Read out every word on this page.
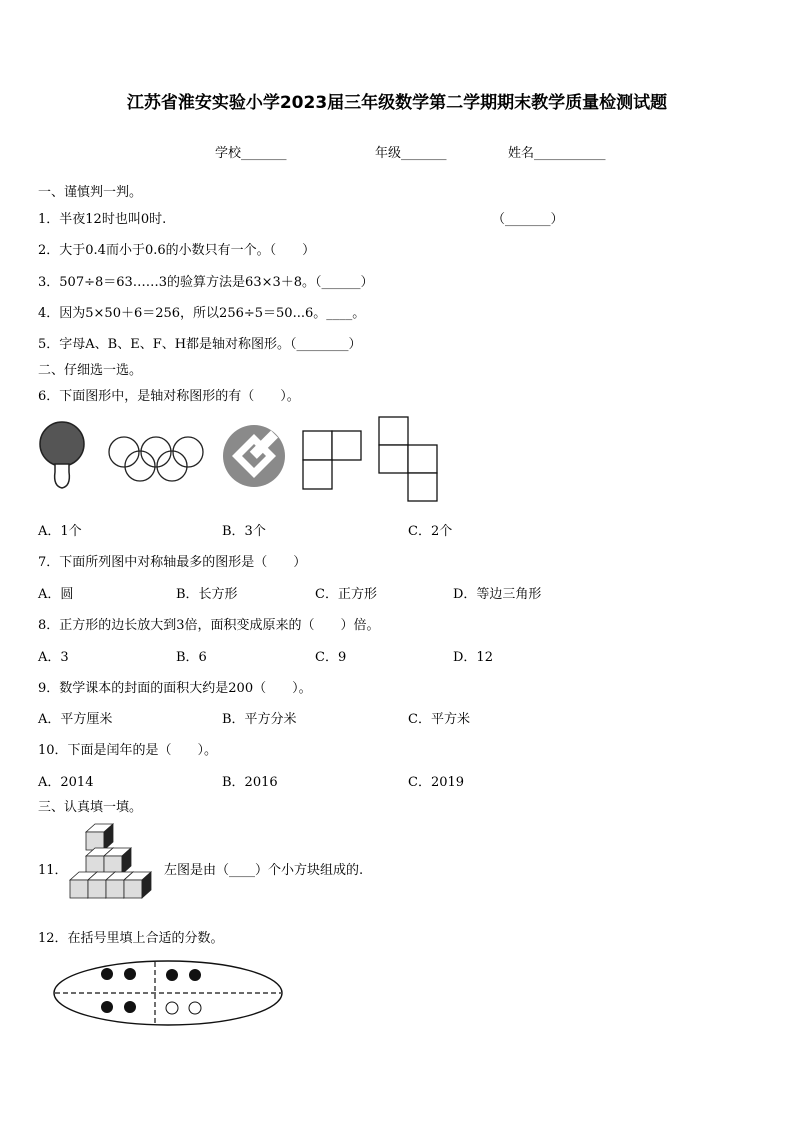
江苏省淮安实验小学2023届三年级数学第二学期期末教学质量检测试题
学校_______	年级_______	姓名___________
一、谨慎判一判。
1．半夜12时也叫0时.	（_______）
2．大于0.4而小于0.6的小数只有一个。（　　）
3．507÷8＝63……3的验算方法是63×3＋8。（______）
4．因为5×50＋6＝256，所以256÷5＝50...6。____。
5．字母A、B、E、F、H都是轴对称图形。（________）
二、仔细选一选。
6．下面图形中，是轴对称图形的有（　　）。
A．1个	B．3个	C．2个
7．下面所列图中对称轴最多的图形是（　　）
A．圆	B．长方形	C．正方形	D．等边三角形
8．正方形的边长放大到3倍，面积变成原来的（　　）倍。
A．3	B．6	C．9	D．12
9．数学课本的封面的面积大约是200（　　）。
A．平方厘米	B．平方分米	C．平方米
10．下面是闰年的是（　　）。
A．2014	B．2016	C．2019
三、认真填一填。
11．	左图是由（____）个小方块组成的.
12．在括号里填上合适的分数。
